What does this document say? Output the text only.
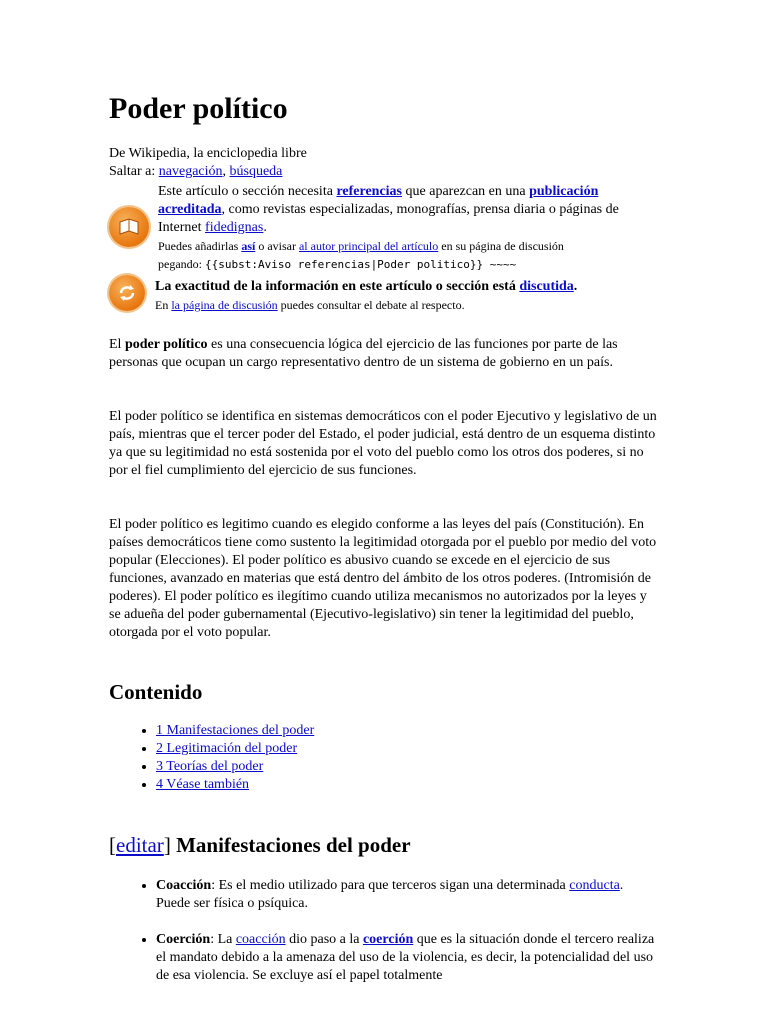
Poder político
De Wikipedia, la enciclopedia libre
Saltar a: navegación, búsqueda
Este artículo o sección necesita referencias que aparezcan en una publicación acreditada, como revistas especializadas, monografías, prensa diaria o páginas de Internet fidedignas.
Puedes añadirlas así o avisar al autor principal del artículo en su página de discusión
pegando: {{subst:Aviso referencias|Poder politico}} ~~~~
La exactitud de la información en este artículo o sección está discutida.
En la página de discusión puedes consultar el debate al respecto.

El poder político es una consecuencia lógica del ejercicio de las funciones por parte de las personas que ocupan un cargo representativo dentro de un sistema de gobierno en un país.

El poder político se identifica en sistemas democráticos con el poder Ejecutivo y legislativo de un país, mientras que el tercer poder del Estado, el poder judicial, está dentro de un esquema distinto ya que su legitimidad no está sostenida por el voto del pueblo como los otros dos poderes, si no por el fiel cumplimiento del ejercicio de sus funciones.

El poder político es legitimo cuando es elegido conforme a las leyes del país (Constitución). En países democráticos tiene como sustento la legitimidad otorgada por el pueblo por medio del voto popular (Elecciones). El poder político es abusivo cuando se excede en el ejercicio de sus funciones, avanzado en materias que está dentro del ámbito de los otros poderes. (Intromisión de poderes). El poder político es ilegítimo cuando utiliza mecanismos no autorizados por la leyes y se adueña del poder gubernamental (Ejecutivo-legislativo) sin tener la legitimidad del pueblo, otorgada por el voto popular.

Contenido
• 1 Manifestaciones del poder
• 2 Legitimación del poder
• 3 Teorías del poder
• 4 Véase también
[editar] Manifestaciones del poder
• Coacción: Es el medio utilizado para que terceros sigan una determinada conducta. Puede ser física o psíquica.
• Coerción: La coacción dio paso a la coerción que es la situación donde el tercero realiza el mandato debido a la amenaza del uso de la violencia, es decir, la potencialidad del uso de esa violencia. Se excluye así el papel totalmente
